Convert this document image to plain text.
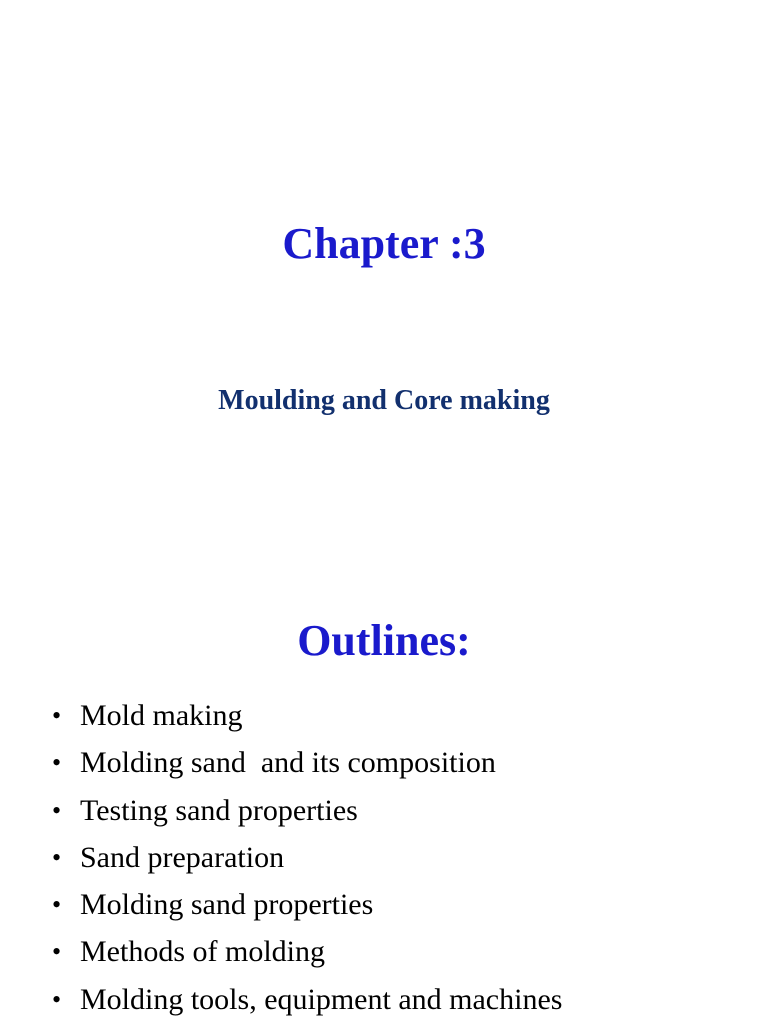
Chapter :3
Moulding and Core making
Outlines:
• Mold making
• Molding sand  and its composition
• Testing sand properties
• Sand preparation
• Molding sand properties
• Methods of molding
• Molding tools, equipment and machines
